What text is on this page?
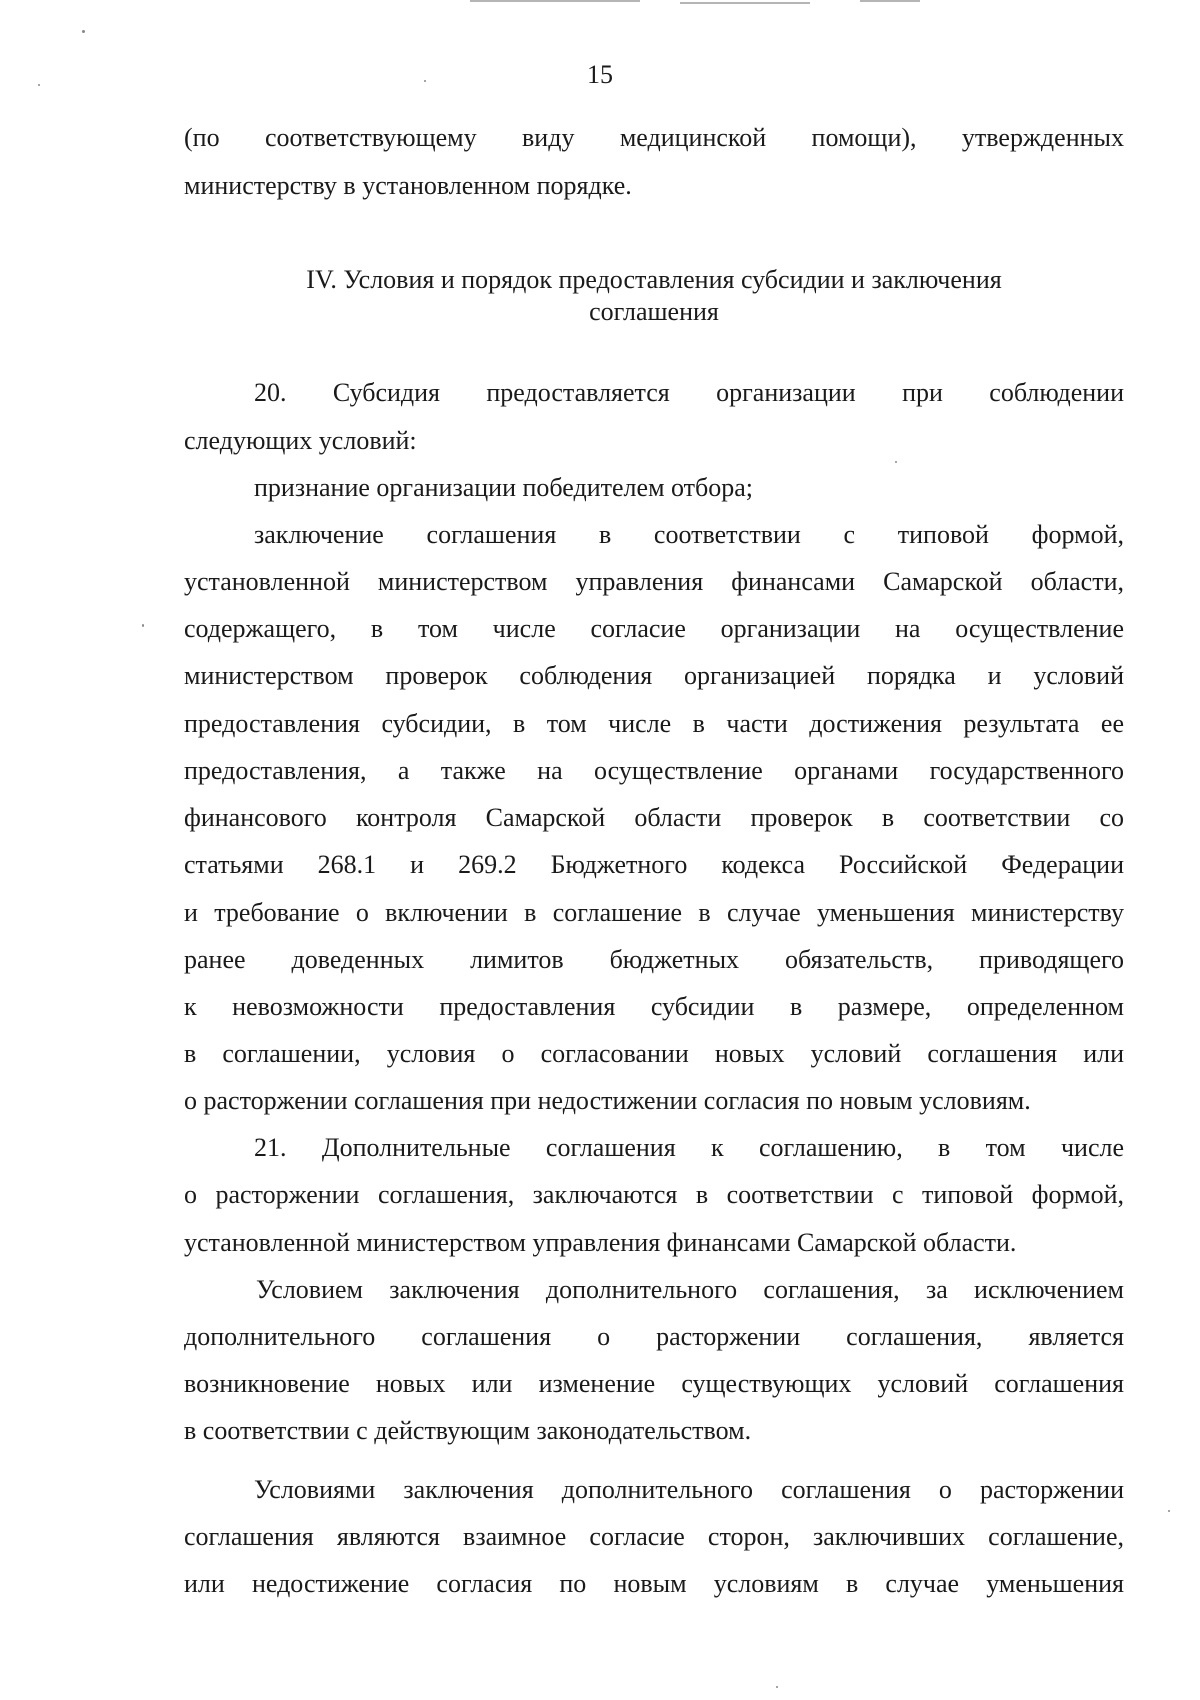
15
(по соответствующему виду медицинской помощи), утвержденных
министерству в установленном порядке.
IV. Условия и порядок предоставления субсидии и заключения
соглашения
20. Субсидия предоставляется организации при соблюдении
следующих условий:
признание организации победителем отбора;
заключение соглашения в соответствии с типовой формой,
установленной министерством управления финансами Самарской области,
содержащего, в том числе согласие организации на осуществление
министерством проверок соблюдения организацией порядка и условий
предоставления субсидии, в том числе в части достижения результата ее
предоставления, а также на осуществление органами государственного
финансового контроля Самарской области проверок в соответствии со
статьями 268.1 и 269.2 Бюджетного кодекса Российской Федерации
и требование о включении в соглашение в случае уменьшения министерству
ранее доведенных лимитов бюджетных обязательств, приводящего
к невозможности предоставления субсидии в размере, определенном
в соглашении, условия о согласовании новых условий соглашения или
о расторжении соглашения при недостижении согласия по новым условиям.
21. Дополнительные соглашения к соглашению, в том числе
о расторжении соглашения, заключаются в соответствии с типовой формой,
установленной министерством управления финансами Самарской области.
Условием заключения дополнительного соглашения, за исключением
дополнительного соглашения о расторжении соглашения, является
возникновение новых или изменение существующих условий соглашения
в соответствии с действующим законодательством.
Условиями заключения дополнительного соглашения о расторжении
соглашения являются взаимное согласие сторон, заключивших соглашение,
или недостижение согласия по новым условиям в случае уменьшения
